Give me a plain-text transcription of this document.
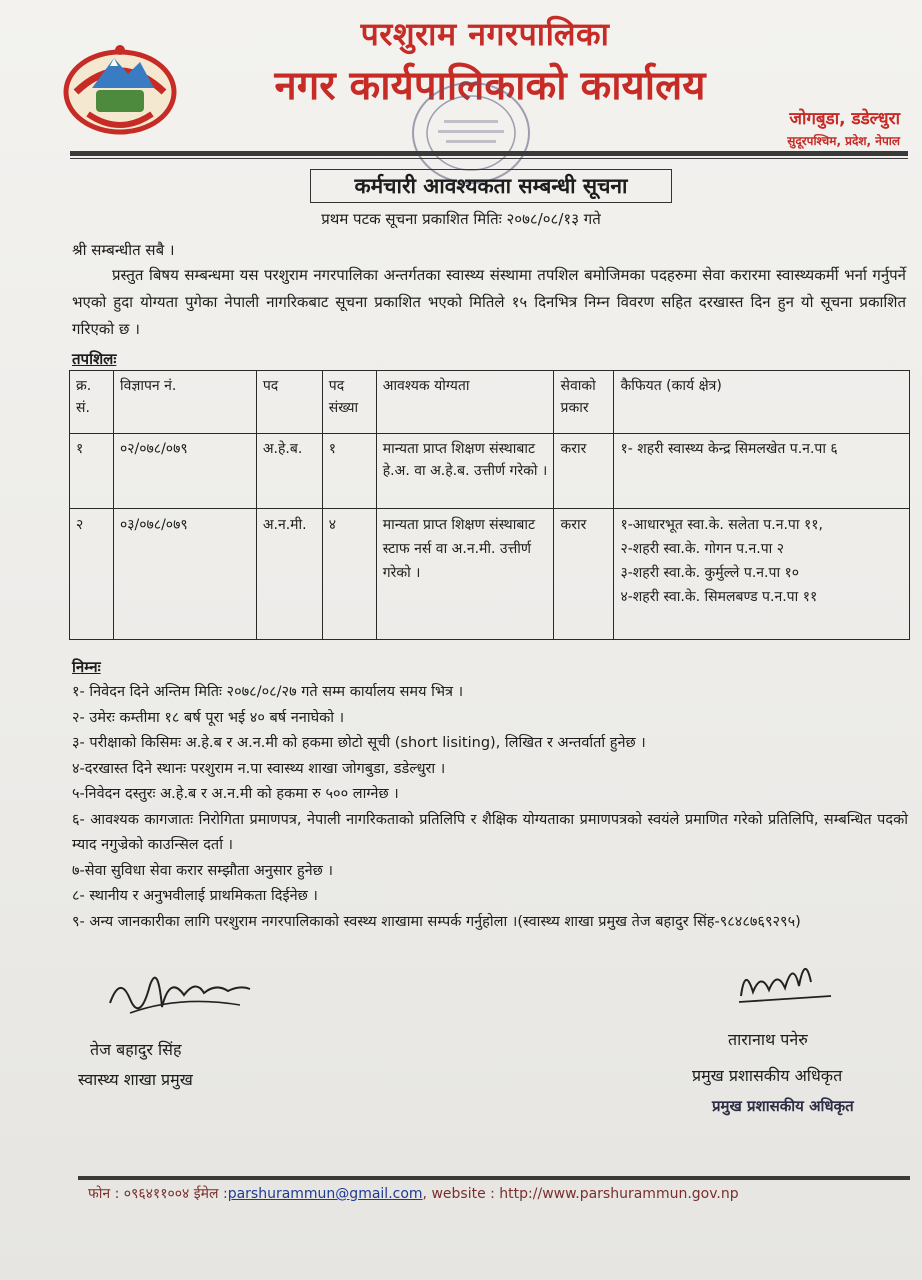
परशुराम नगरपालिका
नगर कार्यपालिकाको कार्यालय
जोगबुडा, डडेल्धुरा
सुदूरपश्चिम, प्रदेश, नेपाल
कर्मचारी आवश्यकता सम्बन्धी सूचना
प्रथम पटक सूचना प्रकाशित मितिः २०७८/०८/१३ गते
श्री सम्बन्धीत सबै ।
प्रस्तुत बिषय सम्बन्धमा यस परशुराम नगरपालिका अन्तर्गतका स्वास्थ्य संस्थामा तपशिल बमोजिमका पदहरुमा सेवा करारमा स्वास्थ्यकर्मी भर्ना गर्नुपर्ने भएको हुदा योग्यता पुगेका नेपाली नागरिकबाट सूचना प्रकाशित भएको मितिले १५ दिनभित्र निम्न विवरण सहित दरखास्त दिन हुन यो सूचना प्रकाशित गरिएको छ ।
तपशिलः
क्र. सं.	विज्ञापन नं.	पद	पद संख्या	आवश्यक योग्यता	सेवाको प्रकार	कैफियत (कार्य क्षेत्र)
१	०२/०७८/०७९	अ.हे.ब.	१	मान्यता प्राप्त शिक्षण संस्थाबाट हे.अ. वा अ.हे.ब. उत्तीर्ण गरेको ।	करार	१- शहरी स्वास्थ्य केन्द्र सिमलखेत प.न.पा ६

२	०३/०७८/०७९	अ.न.मी.	४	मान्यता प्राप्त शिक्षण संस्थाबाट स्टाफ नर्स वा अ.न.मी. उत्तीर्ण गरेको ।	करार	१-आधारभूत स्वा.के. सलेता प.न.पा ११,
२-शहरी स्वा.के. गोगन प.न.पा २
३-शहरी स्वा.के. कुर्मुल्ले प.न.पा १०
४-शहरी स्वा.के. सिमलबण्ड प.न.पा ११
निम्नः
१- निवेदन दिने अन्तिम मितिः २०७८/०८/२७ गते सम्म कार्यालय समय भित्र ।
२- उमेरः कम्तीमा १८ बर्ष पूरा भई ४० बर्ष ननाघेको ।
३- परीक्षाको किसिमः अ.हे.ब र अ.न.मी को हकमा छोटो सूची (short lisiting), लिखित र अन्तर्वार्ता हुनेछ ।
४-दरखास्त दिने स्थानः परशुराम न.पा स्वास्थ्य शाखा जोगबुडा, डडेल्धुरा ।
५-निवेदन दस्तुरः अ.हे.ब र अ.न.मी को हकमा रु ५०० लाग्नेछ ।
६- आवश्यक कागजातः निरोगिता प्रमाणपत्र, नेपाली नागरिकताको प्रतिलिपि र शैक्षिक योग्यताका प्रमाणपत्रको स्वयंले प्रमाणित गरेको प्रतिलिपि, सम्बन्धित पदको म्याद नगुज्रेको काउन्सिल दर्ता ।
७-सेवा सुविधा सेवा करार सम्झौता अनुसार हुनेछ ।
८- स्थानीय र अनुभवीलाई प्राथमिकता दिईनेछ ।
९- अन्य जानकारीका लागि परशुराम नगरपालिकाको स्वस्थ्य शाखामा सम्पर्क गर्नुहोला ।(स्वास्थ्य शाखा प्रमुख तेज बहादुर सिंह-९८४८७६९२९५)
तेज बहादुर सिंह
स्वास्थ्य शाखा प्रमुख
तारानाथ पनेरु
प्रमुख प्रशासकीय अधिकृत
प्रमुख प्रशासकीय अधिकृत
फोन : ०९६४११००४ ईमेल :parshurammun@gmail.com, website : http://www.parshurammun.gov.np
